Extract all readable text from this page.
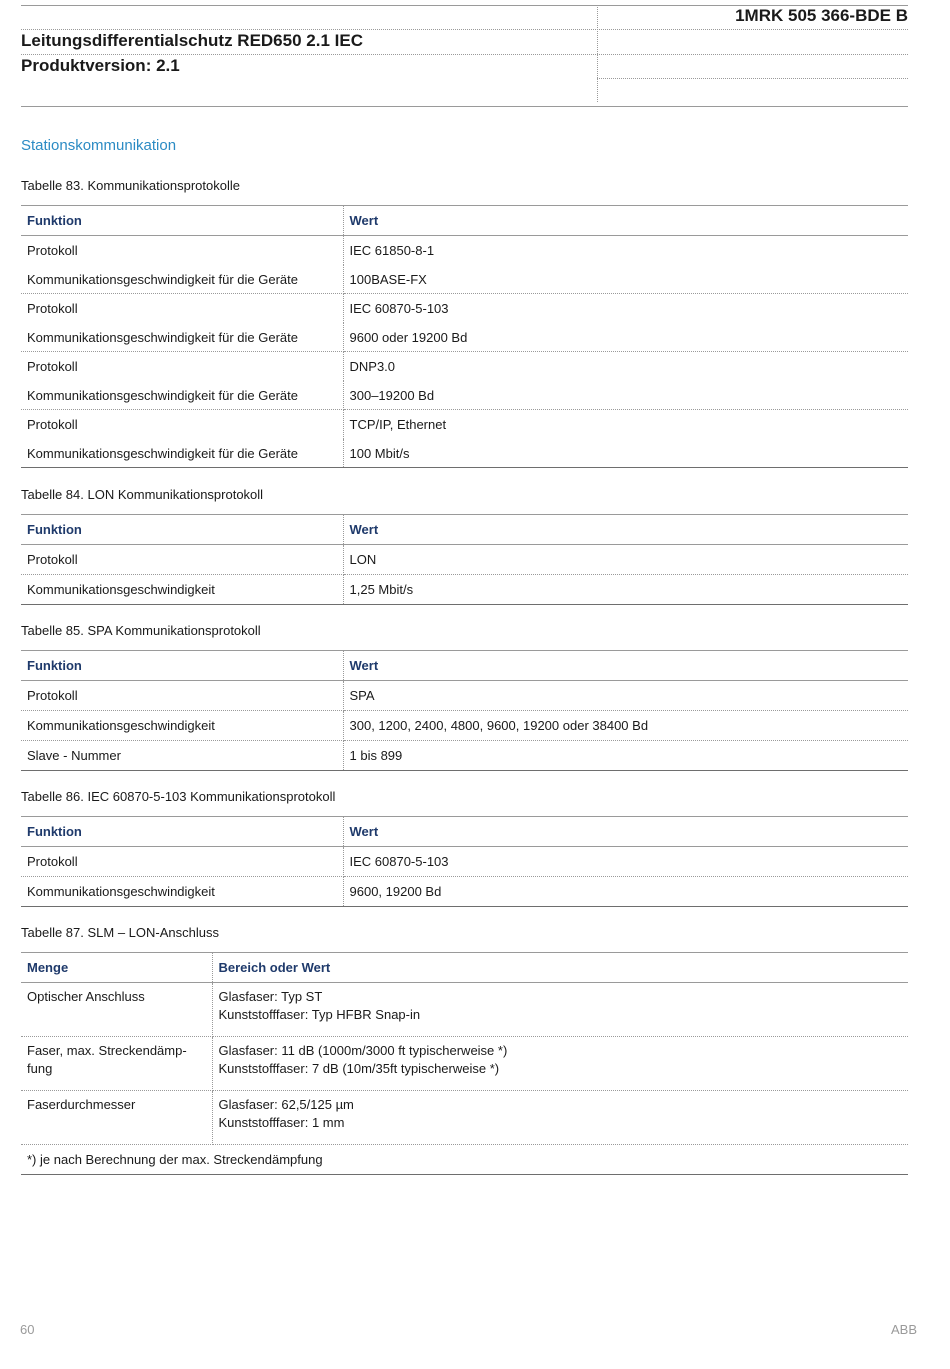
1MRK 505 366-BDE B
Leitungsdifferentialschutz RED650 2.1 IEC
Produktversion: 2.1
Stationskommunikation
Tabelle 83. Kommunikationsprotokolle
Funktion	Wert
Protokoll	IEC 61850-8-1
Kommunikationsgeschwindigkeit für die Geräte	100BASE-FX
Protokoll	IEC 60870-5-103
Kommunikationsgeschwindigkeit für die Geräte	9600 oder 19200 Bd
Protokoll	DNP3.0
Kommunikationsgeschwindigkeit für die Geräte	300–19200 Bd
Protokoll	TCP/IP, Ethernet
Kommunikationsgeschwindigkeit für die Geräte	100 Mbit/s
Tabelle 84. LON Kommunikationsprotokoll
Funktion	Wert
Protokoll	LON
Kommunikationsgeschwindigkeit	1,25 Mbit/s
Tabelle 85. SPA Kommunikationsprotokoll
Funktion	Wert
Protokoll	SPA
Kommunikationsgeschwindigkeit	300, 1200, 2400, 4800, 9600, 19200 oder 38400 Bd
Slave - Nummer	1 bis 899
Tabelle 86. IEC 60870-5-103 Kommunikationsprotokoll
Funktion	Wert
Protokoll	IEC 60870-5-103
Kommunikationsgeschwindigkeit	9600, 19200 Bd
Tabelle 87. SLM – LON-Anschluss
Menge	Bereich oder Wert

Optischer Anschluss	Glasfaser: Typ ST
Kunststofffaser: Typ HFBR Snap-in

Faser, max. Streckendämp-
fung	Glasfaser: 11 dB (1000m/3000 ft typischerweise *)
Kunststofffaser: 7 dB (10m/35ft typischerweise *)

Faserdurchmesser	Glasfaser: 62,5/125 µm
Kunststofffaser: 1 mm

*) je nach Berechnung der max. Streckendämpfung	
60	ABB
